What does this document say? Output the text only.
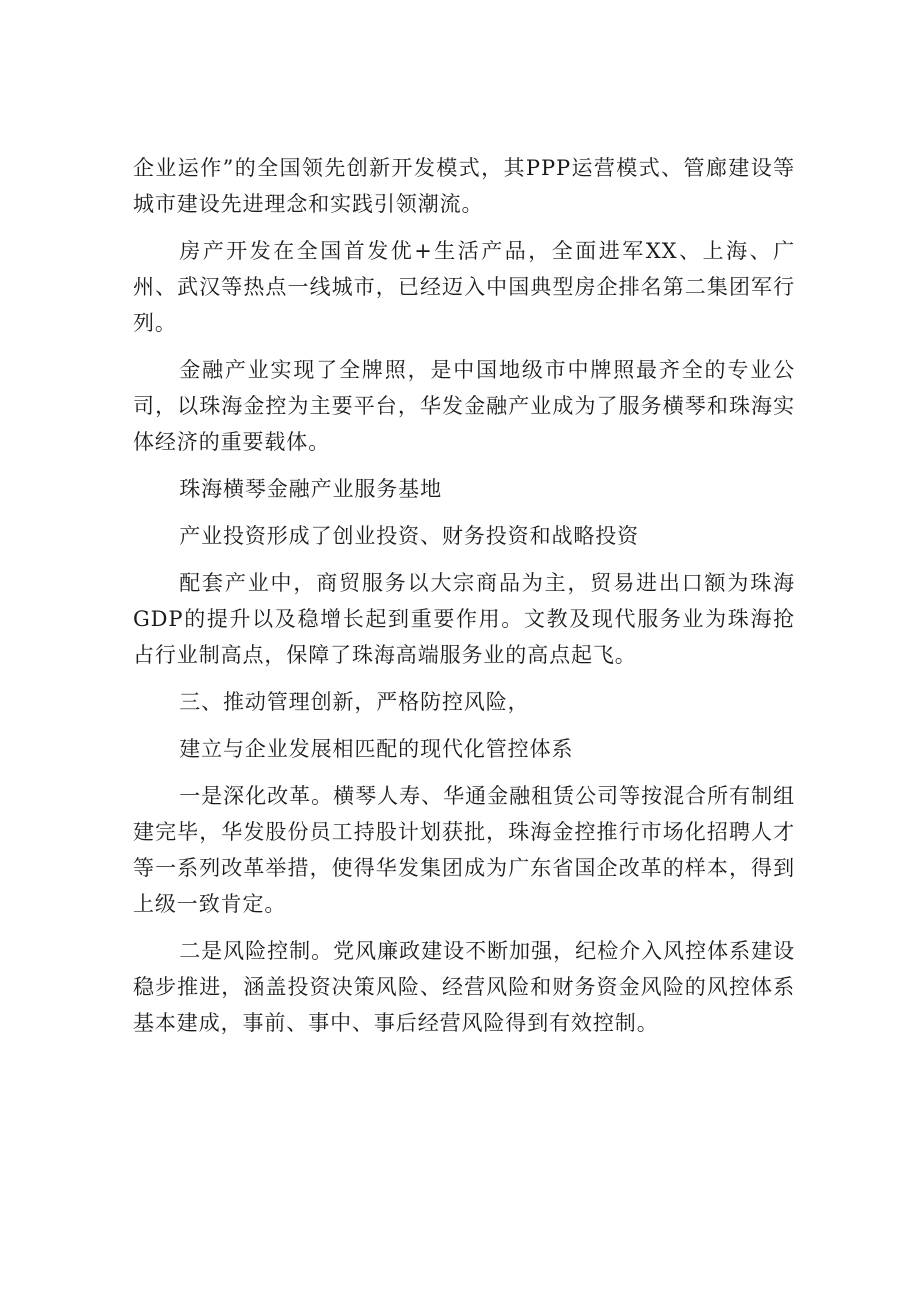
企业运作”的全国领先创新开发模式，其PPP运营模式、管廊建设等城市建设先进理念和实践引领潮流。

房产开发在全国首发优+生活产品，全面进军XX、上海、广州、武汉等热点一线城市，已经迈入中国典型房企排名第二集团军行列。

金融产业实现了全牌照，是中国地级市中牌照最齐全的专业公司，以珠海金控为主要平台，华发金融产业成为了服务横琴和珠海实体经济的重要载体。

珠海横琴金融产业服务基地

产业投资形成了创业投资、财务投资和战略投资

配套产业中，商贸服务以大宗商品为主，贸易进出口额为珠海GDP的提升以及稳增长起到重要作用。文教及现代服务业为珠海抢占行业制高点，保障了珠海高端服务业的高点起飞。

三、推动管理创新，严格防控风险，

建立与企业发展相匹配的现代化管控体系

一是深化改革。横琴人寿、华通金融租赁公司等按混合所有制组建完毕，华发股份员工持股计划获批，珠海金控推行市场化招聘人才等一系列改革举措，使得华发集团成为广东省国企改革的样本，得到上级一致肯定。

二是风险控制。党风廉政建设不断加强，纪检介入风控体系建设稳步推进，涵盖投资决策风险、经营风险和财务资金风险的风控体系基本建成，事前、事中、事后经营风险得到有效控制。
